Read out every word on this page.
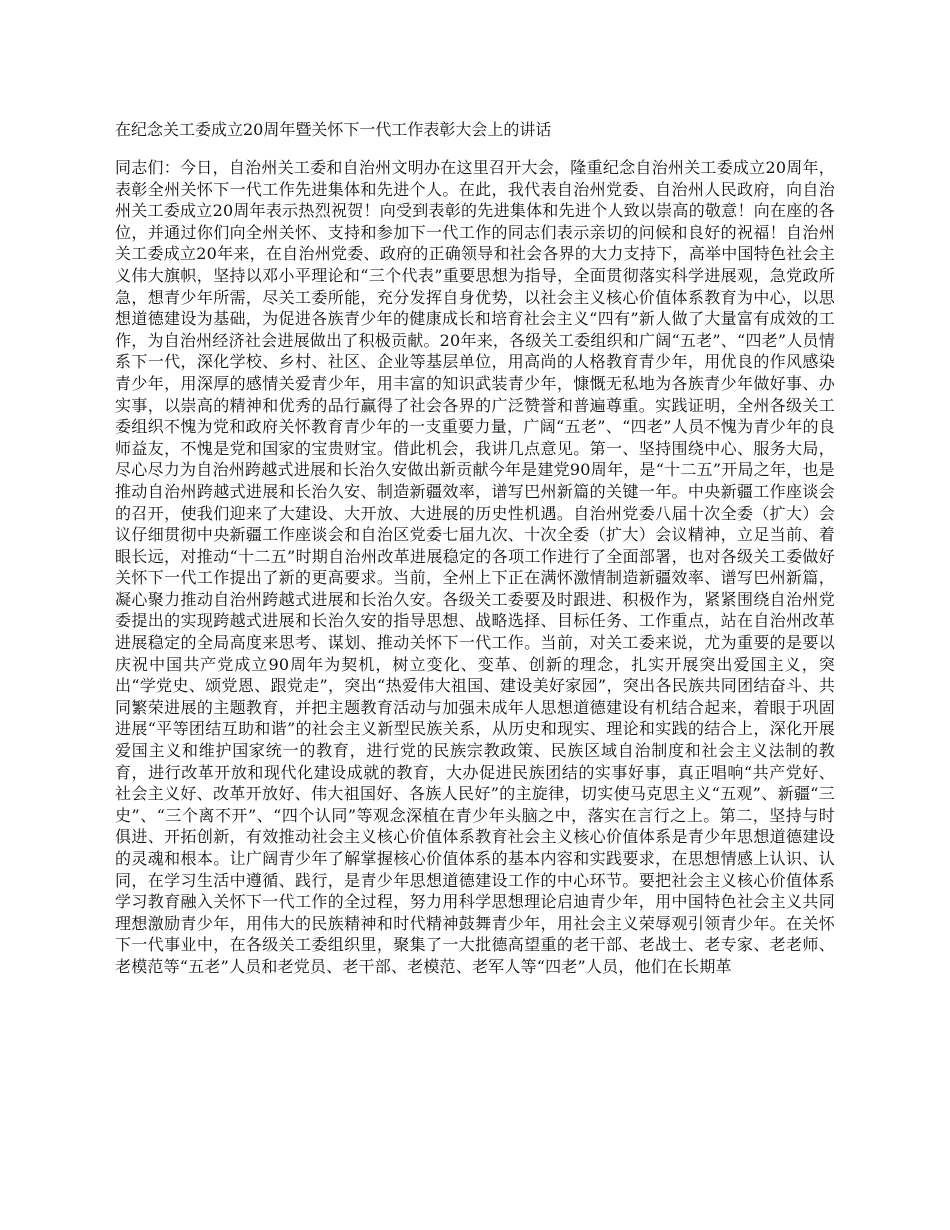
在纪念关工委成立20周年暨关怀下一代工作表彰大会上的讲话

同志们：今日，自治州关工委和自治州文明办在这里召开大会，隆重纪念自治州关工委成立20周年，表彰全州关怀下一代工作先进集体和先进个人。在此，我代表自治州党委、自治州人民政府，向自治州关工委成立20周年表示热烈祝贺！向受到表彰的先进集体和先进个人致以崇高的敬意！向在座的各位，并通过你们向全州关怀、支持和参加下一代工作的同志们表示亲切的问候和良好的祝福！自治州关工委成立20年来，在自治州党委、政府的正确领导和社会各界的大力支持下，高举中国特色社会主义伟大旗帜，坚持以邓小平理论和“三个代表”重要思想为指导，全面贯彻落实科学进展观，急党政所急，想青少年所需，尽关工委所能，充分发挥自身优势，以社会主义核心价值体系教育为中心，以思想道德建设为基础，为促进各族青少年的健康成长和培育社会主义“四有”新人做了大量富有成效的工作，为自治州经济社会进展做出了积极贡献。20年来，各级关工委组织和广阔“五老”、“四老”人员情系下一代，深化学校、乡村、社区、企业等基层单位，用高尚的人格教育青少年，用优良的作风感染青少年，用深厚的感情关爱青少年，用丰富的知识武装青少年，慷慨无私地为各族青少年做好事、办实事，以崇高的精神和优秀的品行赢得了社会各界的广泛赞誉和普遍尊重。实践证明，全州各级关工委组织不愧为党和政府关怀教育青少年的一支重要力量，广阔“五老”、“四老”人员不愧为青少年的良师益友，不愧是党和国家的宝贵财宝。借此机会，我讲几点意见。第一、坚持围绕中心、服务大局，尽心尽力为自治州跨越式进展和长治久安做出新贡献今年是建党90周年，是“十二五”开局之年，也是推动自治州跨越式进展和长治久安、制造新疆效率，谱写巴州新篇的关键一年。中央新疆工作座谈会的召开，使我们迎来了大建设、大开放、大进展的历史性机遇。自治州党委八届十次全委（扩大）会议仔细贯彻中央新疆工作座谈会和自治区党委七届九次、十次全委（扩大）会议精神，立足当前、着眼长远，对推动“十二五”时期自治州改革进展稳定的各项工作进行了全面部署，也对各级关工委做好关怀下一代工作提出了新的更高要求。当前，全州上下正在满怀激情制造新疆效率、谱写巴州新篇，凝心聚力推动自治州跨越式进展和长治久安。各级关工委要及时跟进、积极作为，紧紧围绕自治州党委提出的实现跨越式进展和长治久安的指导思想、战略选择、目标任务、工作重点，站在自治州改革进展稳定的全局高度来思考、谋划、推动关怀下一代工作。当前，对关工委来说，尤为重要的是要以庆祝中国共产党成立90周年为契机，树立变化、变革、创新的理念，扎实开展突出爱国主义，突出“学党史、颂党恩、跟党走”，突出“热爱伟大祖国、建设美好家园”，突出各民族共同团结奋斗、共同繁荣进展的主题教育，并把主题教育活动与加强未成年人思想道德建设有机结合起来，着眼于巩固进展“平等团结互助和谐”的社会主义新型民族关系，从历史和现实、理论和实践的结合上，深化开展爱国主义和维护国家统一的教育，进行党的民族宗教政策、民族区域自治制度和社会主义法制的教育，进行改革开放和现代化建设成就的教育，大办促进民族团结的实事好事，真正唱响“共产党好、社会主义好、改革开放好、伟大祖国好、各族人民好”的主旋律，切实使马克思主义“五观”、新疆“三史”、“三个离不开”、“四个认同”等观念深植在青少年头脑之中，落实在言行之上。第二，坚持与时俱进、开拓创新，有效推动社会主义核心价值体系教育社会主义核心价值体系是青少年思想道德建设的灵魂和根本。让广阔青少年了解掌握核心价值体系的基本内容和实践要求，在思想情感上认识、认同，在学习生活中遵循、践行，是青少年思想道德建设工作的中心环节。要把社会主义核心价值体系学习教育融入关怀下一代工作的全过程，努力用科学思想理论启迪青少年，用中国特色社会主义共同理想激励青少年，用伟大的民族精神和时代精神鼓舞青少年，用社会主义荣辱观引领青少年。在关怀下一代事业中，在各级关工委组织里，聚集了一大批德高望重的老干部、老战士、老专家、老老师、老模范等“五老”人员和老党员、老干部、老模范、老军人等“四老”人员，他们在长期革
